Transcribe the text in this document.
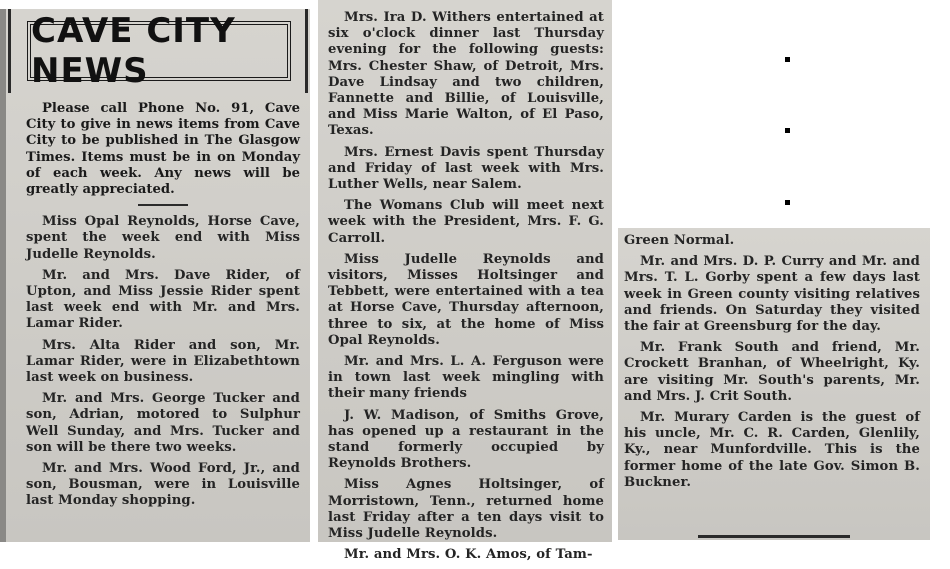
CAVE CITY NEWS

Please call Phone No. 91, Cave City to give in news items from Cave City to be published in The Glasgow Times. Items must be in on Monday of each week. Any news will be greatly appreciated.

Miss Opal Reynolds, Horse Cave, spent the week end with Miss Judelle Reynolds.

Mr. and Mrs. Dave Rider, of Upton, and Miss Jessie Rider spent last week end with Mr. and Mrs. Lamar Rider.

Mrs. Alta Rider and son, Mr. Lamar Rider, were in Elizabethtown last week on business.

Mr. and Mrs. George Tucker and son, Adrian, motored to Sulphur Well Sunday, and Mrs. Tucker and son will be there two weeks.

Mr. and Mrs. Wood Ford, Jr., and son, Bousman, were in Louisville last Monday shopping.

Mrs. Ira D. Withers entertained at six o'clock dinner last Thursday evening for the following guests: Mrs. Chester Shaw, of Detroit, Mrs. Dave Lindsay and two children, Fannette and Billie, of Louisville, and Miss Marie Walton, of El Paso, Texas.

Mrs. Ernest Davis spent Thursday and Friday of last week with Mrs. Luther Wells, near Salem.

The Womans Club will meet next week with the President, Mrs. F. G. Carroll.

Miss Judelle Reynolds and visitors, Misses Holtsinger and Tebbett, were entertained with a tea at Horse Cave, Thursday afternoon, three to six, at the home of Miss Opal Reynolds.

Mr. and Mrs. L. A. Ferguson were in town last week mingling with their many friends

J. W. Madison, of Smiths Grove, has opened up a restaurant in the stand formerly occupied by Reynolds Brothers.

Miss Agnes Holtsinger, of Morristown, Tenn., returned home last Friday after a ten days visit to Miss Judelle Reynolds.

Mr. and Mrs. O. K. Amos, of Tam-

Green Normal.

Mr. and Mrs. D. P. Curry and Mr. and Mrs. T. L. Gorby spent a few days last week in Green county visiting relatives and friends. On Saturday they visited the fair at Greensburg for the day.

Mr. Frank South and friend, Mr. Crockett Branhan, of Wheelright, Ky. are visiting Mr. South's parents, Mr. and Mrs. J. Crit South.

Mr. Murary Carden is the guest of his uncle, Mr. C. R. Carden, Glenlily, Ky., near Munfordville. This is the former home of the late Gov. Simon B. Buckner.
